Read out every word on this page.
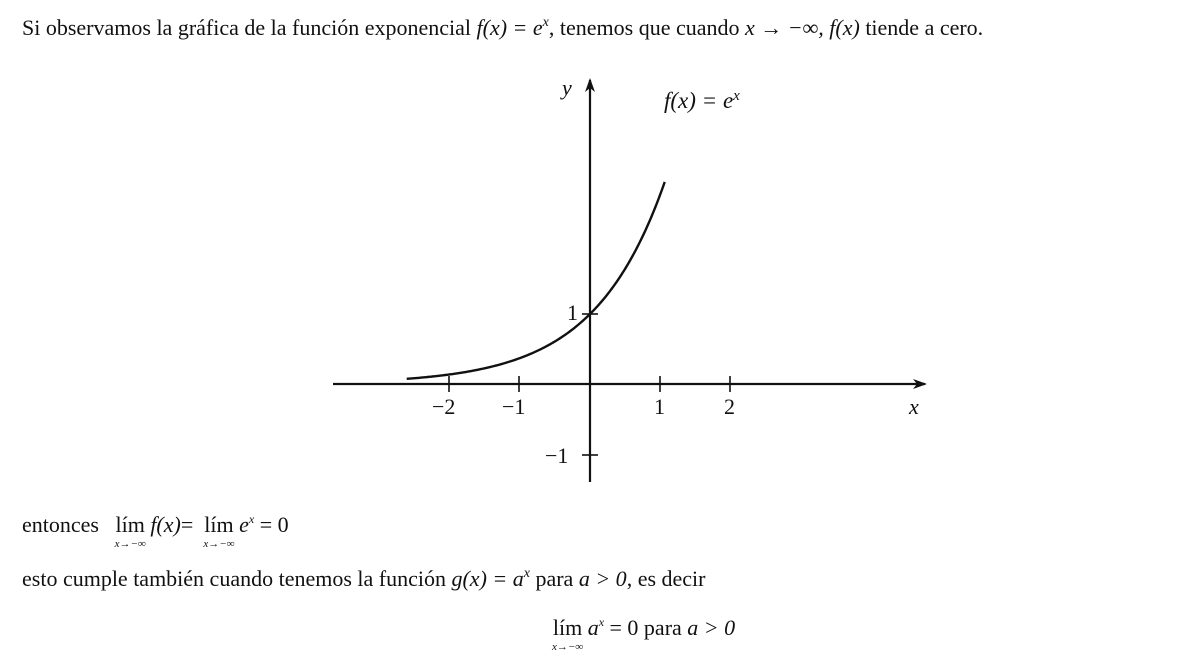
Si observamos la gráfica de la función exponencial $f(x) = e^x$, tenemos que cuando x → −∞, f(x) tiende a cero.
−2 −1	1	2	x
y
1
−1
$f(x) = e^x$
entonces lím
x→−∞
f(x)= lím
x→−∞
$e^x = 0$
esto cumple también cuando tenemos la función $g(x) = a^x$ para a > 0, es decir
lím
x→−∞
$a^x = 0$ para a > 0
